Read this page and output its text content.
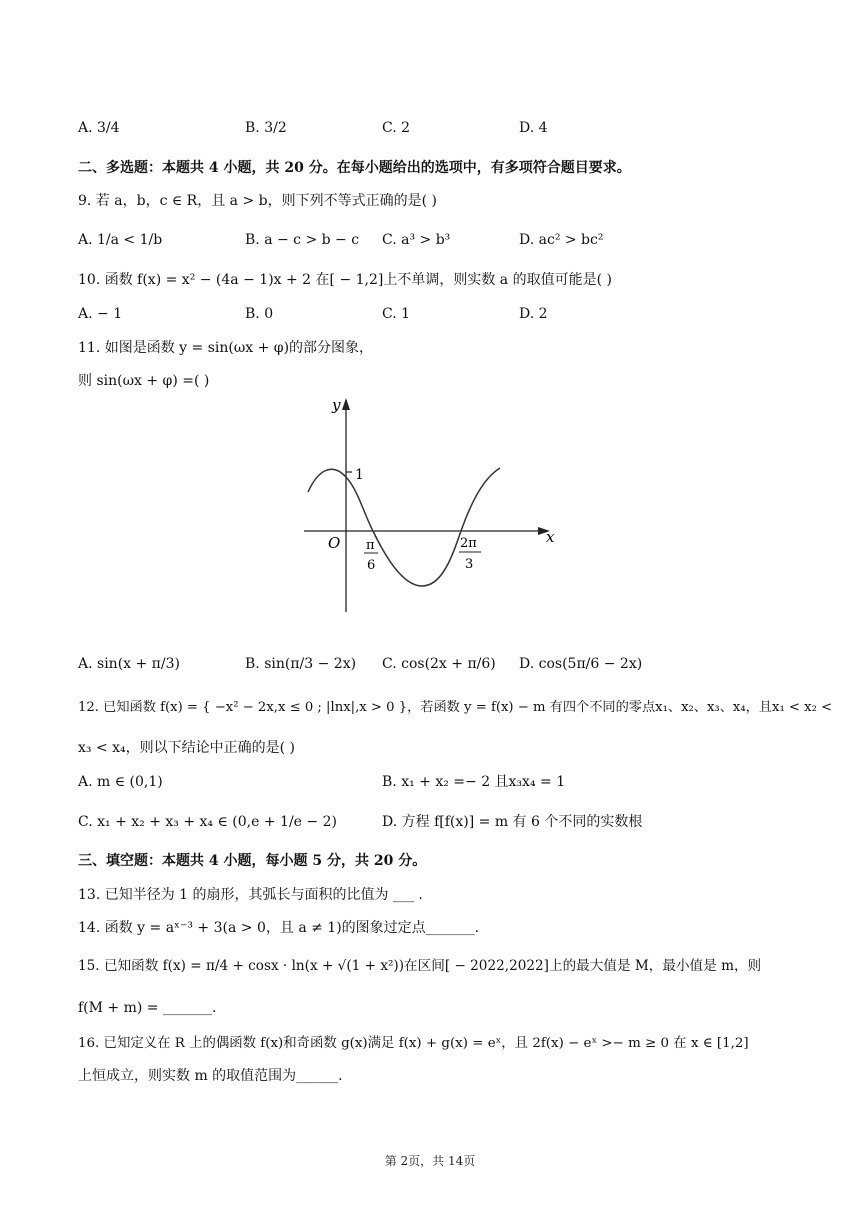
A. 3/4	B. 3/2	C. 2	D. 4
二、多选题：本题共 4 小题，共 20 分。在每小题给出的选项中，有多项符合题目要求。
9. 若 a，b，c ∈ R，且 a > b，则下列不等式正确的是( )
A. 1/a < 1/b	B. a − c > b − c C. a³ > b³	D. ac² > bc²
10. 函数 f(x) = x² − (4a − 1)x + 2 在[ − 1,2]上不单调，则实数 a 的取值可能是( )
A. − 1	B. 0	C. 1	D. 2
11. 如图是函数 y = sin(ωx + φ)的部分图象，
则 sin(ωx + φ) =( )
y
x
O
1
π
6
2π
3
A. sin(x + π/3)	B. sin(π/3 − 2x) C. cos(2x + π/6) D. cos(5π/6 − 2x)
12. 已知函数 f(x) = { −x² − 2x,x ≤ 0 ; |lnx|,x > 0 }，若函数 y = f(x) − m 有四个不同的零点x₁、x₂、x₃、x₄，且x₁ < x₂ <
x₃ < x₄，则以下结论中正确的是( )
A. m ∈ (0,1)	B. x₁ + x₂ =− 2 且x₃x₄ = 1
C. x₁ + x₂ + x₃ + x₄ ∈ (0,e + 1/e − 2)	D. 方程 f[f(x)] = m 有 6 个不同的实数根
三、填空题：本题共 4 小题，每小题 5 分，共 20 分。
13. 已知半径为 1 的扇形，其弧长与面积的比值为 ___ .
14. 函数 y = aˣ⁻³ + 3(a > 0，且 a ≠ 1)的图象过定点_______.
15. 已知函数 f(x) = π/4 + cosx · ln(x + √(1 + x²))在区间[ − 2022,2022]上的最大值是 M，最小值是 m，则
f(M + m) = _______.
16. 已知定义在 R 上的偶函数 f(x)和奇函数 g(x)满足 f(x) + g(x) = eˣ，且 2f(x) − eˣ >− m ≥ 0 在 x ∈ [1,2]
上恒成立，则实数 m 的取值范围为______.
第 2页，共 14页
